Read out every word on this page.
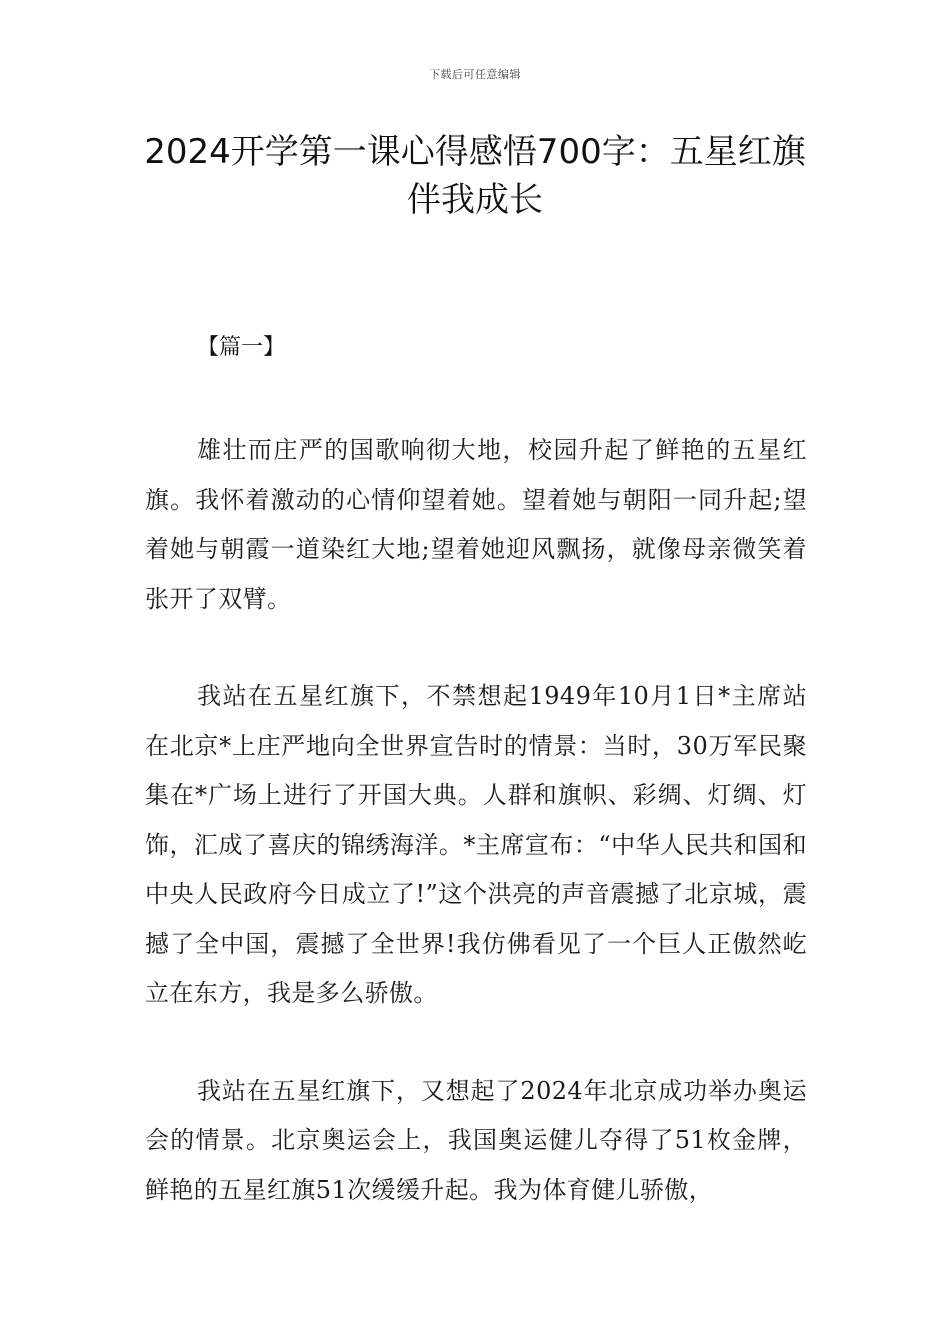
下载后可任意编辑
2024开学第一课心得感悟700字：五星红旗伴我成长
【篇一】

雄壮而庄严的国歌响彻大地，校园升起了鲜艳的五星红旗。我怀着激动的心情仰望着她。望着她与朝阳一同升起;望着她与朝霞一道染红大地;望着她迎风飘扬，就像母亲微笑着张开了双臂。

我站在五星红旗下，不禁想起1949年10月1日*主席站在北京*上庄严地向全世界宣告时的情景：当时，30万军民聚集在*广场上进行了开国大典。人群和旗帜、彩绸、灯绸、灯饰，汇成了喜庆的锦绣海洋。*主席宣布：“中华人民共和国和中央人民政府今日成立了!”这个洪亮的声音震撼了北京城，震撼了全中国，震撼了全世界!我仿佛看见了一个巨人正傲然屹立在东方，我是多么骄傲。

我站在五星红旗下，又想起了2024年北京成功举办奥运会的情景。北京奥运会上，我国奥运健儿夺得了51枚金牌，鲜艳的五星红旗51次缓缓升起。我为体育健儿骄傲，
